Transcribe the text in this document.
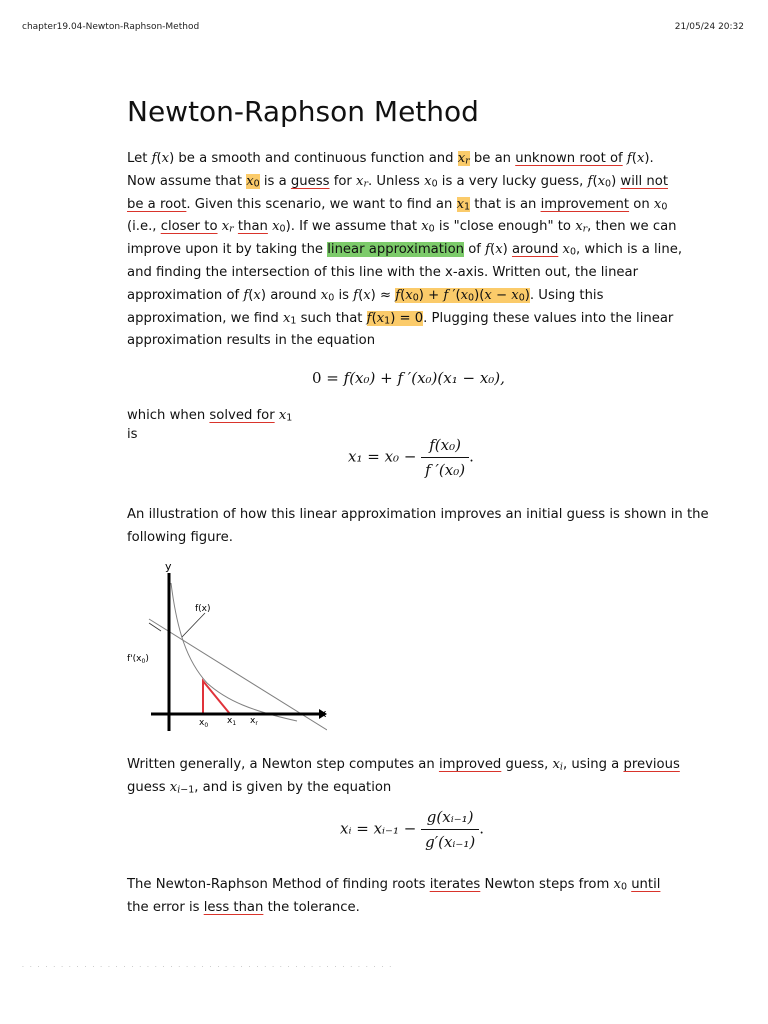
chapter19.04-Newton-Raphson-Method	21/05/24 20:32
Newton-Raphson Method
Let f(x) be a smooth and continuous function and $x_r$ be an unknown root of f(x).
Now assume that $x_0$ is a guess for $x_r$. Unless $x_0$ is a very lucky guess, $f(x_0)$ will not
be a root. Given this scenario, we want to find an $x_1$ that is an improvement on $x_0$
(i.e., closer to $x_r$ than $x_0$). If we assume that $x_0$ is "close enough" to $x_r$, then we can
improve upon it by taking the linear approximation of f(x) around $x_0$, which is a line,
and finding the intersection of this line with the x-axis. Written out, the linear
approximation of f(x) around $x_0$ is $f(x) \approx f(x_0) + f$ $'(x_0)(x - x_0)$. Using this
approximation, we find $x_1$ such that $f(x_1) = 0$. Plugging these values into the linear
approximation results in the equation
0 = f(x₀) + f ′(x₀)(x₁ − x₀),
which when solved for $x_1$
is
$x_1 = x_0 - \frac{\text{f(x₀)}}{\text{f ′(x₀)}}$ .
An illustration of how this linear approximation improves an initial guess is shown in the
following figure.
y
x
f(x)
$f'(x_0)$
$x_0$ $x_1$ $x_r$
Written generally, a Newton step computes an improved guess, $x_i$, using a previous
guess $x_{i-1}$, and is given by the equation
xᵢ = xᵢ₋₁ − $\frac{\text{g(xᵢ₋₁)}}{\text{g′(xᵢ₋₁)}}$ .
The Newton-Raphson Method of finding roots iterates Newton steps from $x_0$ until
the error is less than the tolerance.
· · · · · · · · · · · · · · · · · · · · · · · · · · · · · · · · · · · · · · · · · · · · · · · ·
